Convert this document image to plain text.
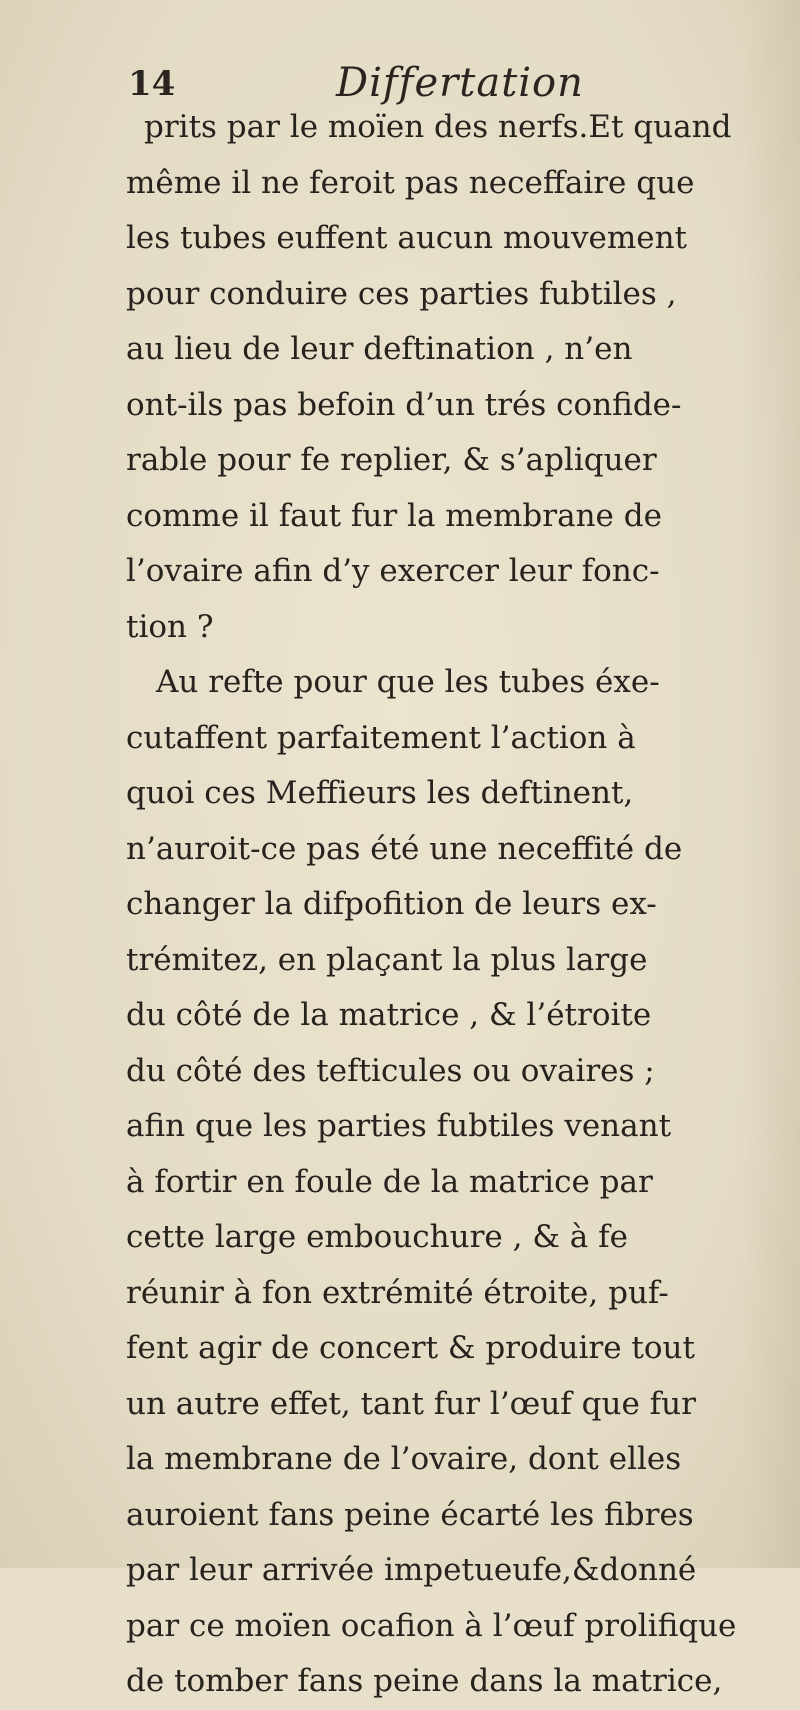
14	Differtation
prits par le moïen des nerfs.Et quand
même il ne feroit pas neceffaire que
les tubes euffent aucun mouvement
pour conduire ces parties fubtiles ,
au lieu de leur deftination , n’en
ont-ils pas befoin d’un trés confide-
rable pour fe replier, & s’apliquer
comme il faut fur la membrane de
l’ovaire afin d’y exercer leur fonc-
tion ?
Au refte pour que les tubes éxe-
cutaffent parfaitement l’action à
quoi ces Meffieurs les deftinent,
n’auroit-ce pas été une neceffité de
changer la difpofition de leurs ex-
trémitez, en plaçant la plus large
du côté de la matrice , & l’étroite
du côté des tefticules ou ovaires ;
afin que les parties fubtiles venant
à fortir en foule de la matrice par
cette large embouchure , & à fe
réunir à fon extrémité étroite, puf-
fent agir de concert & produire tout
un autre effet, tant fur l’œuf que fur
la membrane de l’ovaire, dont elles
auroient fans peine écarté les fibres
par leur arrivée impetueufe,&donné
par ce moïen ocafion à l’œuf prolifique
de tomber fans peine dans la matrice,
